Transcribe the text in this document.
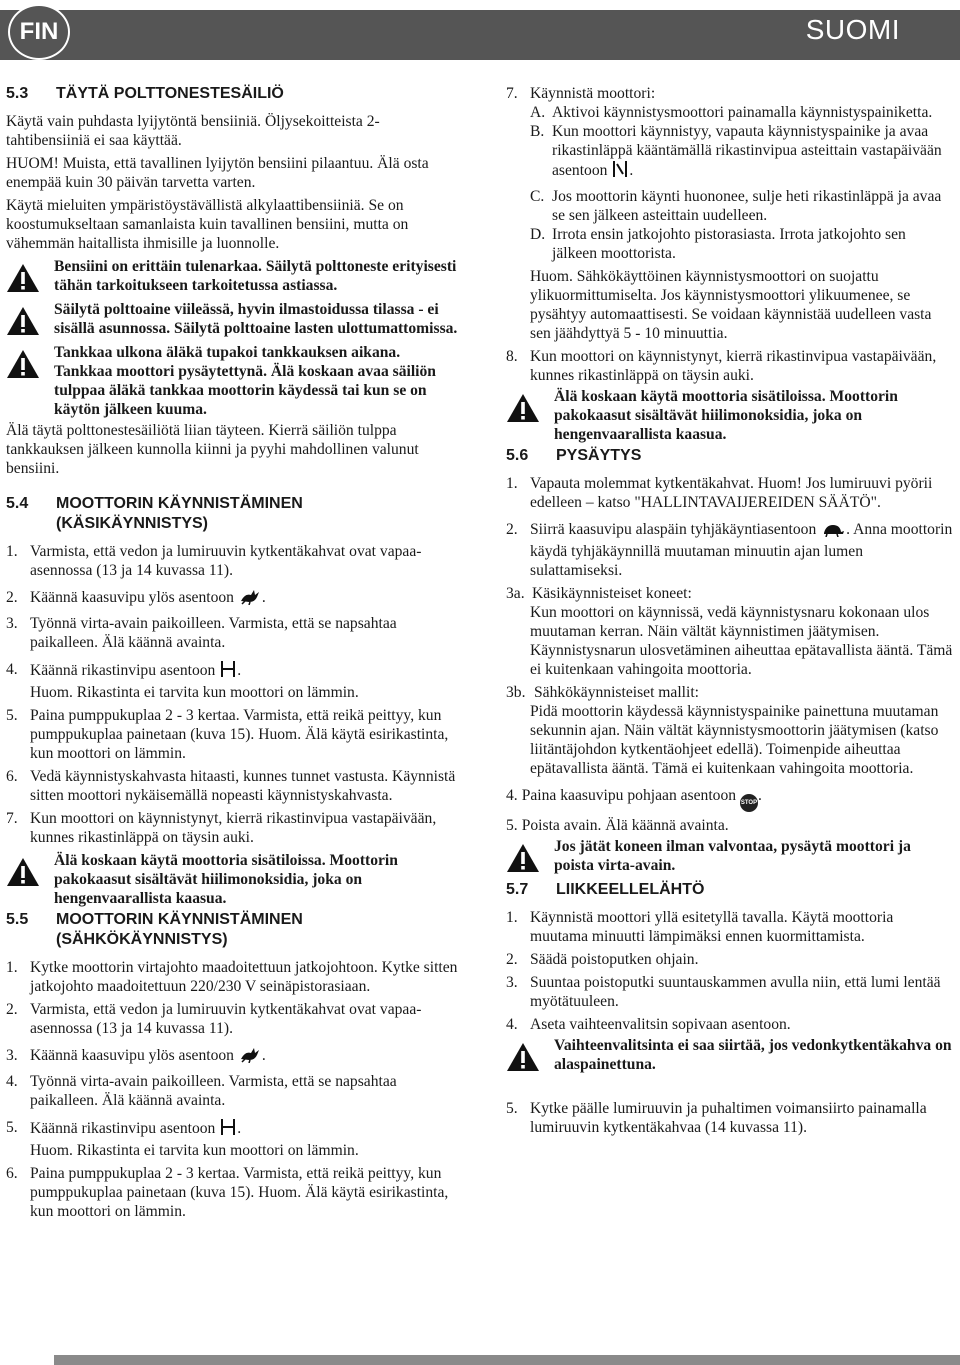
FIN	SUOMI
5.3	TÄYTÄ POLTTONESTESÄILIÖ

Käytä vain puhdasta lyijytöntä bensiiniä. Öljysekoitteista 2-tahtibensiiniä ei saa käyttää.

HUOM! Muista, että tavallinen lyijytön bensiini pilaantuu. Älä osta enempää kuin 30 päivän tarvetta varten.

Käytä mieluiten ympäristöystävällistä alkylaattibensiiniä. Se on koostumukseltaan samanlaista kuin tavallinen bensiini, mutta on vähemmän haitallista ihmisille ja luonnolle.

Bensiini on erittäin tulenarkaa. Säilytä polttoneste erityisesti tähän tarkoitukseen tarkoitetussa astiassa.
Säilytä polttoaine viileässä, hyvin ilmastoidussa tilassa - ei sisällä asunnossa. Säilytä polttoaine lasten ulottumattomissa.
Tankkaa ulkona äläkä tupakoi tankkauksen aikana. Tankkaa moottori pysäytettynä. Älä koskaan avaa säiliön tulppaa äläkä tankkaa moottorin käydessä tai kun se on käytön jälkeen kuuma.

Älä täytä polttonestesäiliötä liian täyteen. Kierrä säiliön tulppa tankkauksen jälkeen kunnolla kiinni ja pyyhi mahdollinen valunut bensiini.

5.4	MOOTTORIN KÄYNNISTÄMINEN
(KÄSIKÄYNNISTYS)
1. Varmista, että vedon ja lumiruuvin kytkentäkahvat ovat vapaa-asennossa (13 ja 14 kuvassa 11).
2. Käännä kaasuvipu ylös asentoon .
3. Työnnä virta-avain paikoilleen. Varmista, että se napsahtaa paikalleen. Älä käännä avainta.
4. Käännä rikastinvipu asentoon .
Huom. Rikastinta ei tarvita kun moottori on lämmin.
5. Paina pumppukuplaa 2 - 3 kertaa. Varmista, että reikä peittyy, kun pumppukuplaa painetaan (kuva 15). Huom. Älä käytä esirikastinta, kun moottori on lämmin.
6. Vedä käynnistyskahvasta hitaasti, kunnes tunnet vastusta. Käynnistä sitten moottori nykäisemällä nopeasti käynnistyskahvasta.
7. Kun moottori on käynnistynyt, kierrä rikastinvipua vastapäivään, kunnes rikastinläppä on täysin auki.
Älä koskaan käytä moottoria sisätiloissa. Moottorin pakokaasut sisältävät hiilimonoksidia, joka on hengenvaarallista kaasua.
5.5	MOOTTORIN KÄYNNISTÄMINEN
(SÄHKÖKÄYNNISTYS)
1. Kytke moottorin virtajohto maadoitettuun jatkojohtoon. Kytke sitten jatkojohto maadoitettuun 220/230 V seinäpistorasiaan.
2. Varmista, että vedon ja lumiruuvin kytkentäkahvat ovat vapaa-asennossa (13 ja 14 kuvassa 11).
3. Käännä kaasuvipu ylös asentoon .
4. Työnnä virta-avain paikoilleen. Varmista, että se napsahtaa paikalleen. Älä käännä avainta.
5. Käännä rikastinvipu asentoon .
Huom. Rikastinta ei tarvita kun moottori on lämmin.
6. Paina pumppukuplaa 2 - 3 kertaa. Varmista, että reikä peittyy, kun pumppukuplaa painetaan (kuva 15). Huom. Älä käytä esirikastinta, kun moottori on lämmin.
7. Käynnistä moottori:
A. Aktivoi käynnistysmoottori painamalla käynnistyspainiketta.
B. Kun moottori käynnistyy, vapauta käynnistyspainike ja avaa rikastinläppä kääntämällä rikastinvipua asteittain vastapäivään asentoon .
C. Jos moottorin käynti huononee, sulje heti rikastinläppä ja avaa se sen jälkeen asteittain uudelleen.
D. Irrota ensin jatkojohto pistorasiasta. Irrota jatkojohto sen jälkeen moottorista.

Huom. Sähkökäyttöinen käynnistysmoottori on suojattu ylikuormittumiselta. Jos käynnistysmoottori ylikuumenee, se pysähtyy automaattisesti. Se voidaan käynnistää uudelleen vasta sen jäähdyttyä 5 - 10 minuuttia.

8. Kun moottori on käynnistynyt, kierrä rikastinvipua vastapäivään, kunnes rikastinläppä on täysin auki.
Älä koskaan käytä moottoria sisätiloissa. Moottorin pakokaasut sisältävät hiilimonoksidia, joka on hengenvaarallista kaasua.
5.6	PYSÄYTYS
1. Vapauta molemmat kytkentäkahvat. Huom! Jos lumiruuvi pyörii edelleen – katso "HALLINTAVAIJEREIDEN SÄÄTÖ".
2. Siirrä kaasuvipu alaspäin tyhjäkäyntiasentoon . Anna moottorin käydä tyhjäkäynnillä muutaman minuutin ajan lumen sulattamiseksi.
3a. Käsikäynnisteiset koneet:

Kun moottori on käynnissä, vedä käynnistysnaru kokonaan ulos muutaman kerran. Näin vältät käynnistimen jäätymisen. Käynnistysnarun ulosvetäminen aiheuttaa epätavallista ääntä. Tämä ei kuitenkaan vahingoita moottoria.

3b. Sähkökäynnisteiset mallit:

Pidä moottorin käydessä käynnistyspainike painettuna muutaman sekunnin ajan. Näin vältät käynnistysmoottorin jäätymisen (katso liitäntäjohdon kytkentäohjeet edellä). Toimenpide aiheuttaa epätavallista ääntä. Tämä ei kuitenkaan vahingoita moottoria.

4. Paina kaasuvipu pohjaan asentoon STOP.
5. Poista avain. Älä käännä avainta.
Jos jätät koneen ilman valvontaa, pysäytä moottori ja poista virta-avain.
5.7	LIIKKEELLELÄHTÖ
1. Käynnistä moottori yllä esitetyllä tavalla. Käytä moottoria muutama minuutti lämpimäksi ennen kuormittamista.
2. Säädä poistoputken ohjain.
3. Suuntaa poistoputki suuntauskammen avulla niin, että lumi lentää myötätuuleen.
4. Aseta vaihteenvalitsin sopivaan asentoon.
Vaihteenvalitsinta ei saa siirtää, jos vedonkytkentäkahva on alaspainettuna.
5. Kytke päälle lumiruuvin ja puhaltimen voimansiirto painamalla lumiruuvin kytkentäkahvaa (14 kuvassa 11).
